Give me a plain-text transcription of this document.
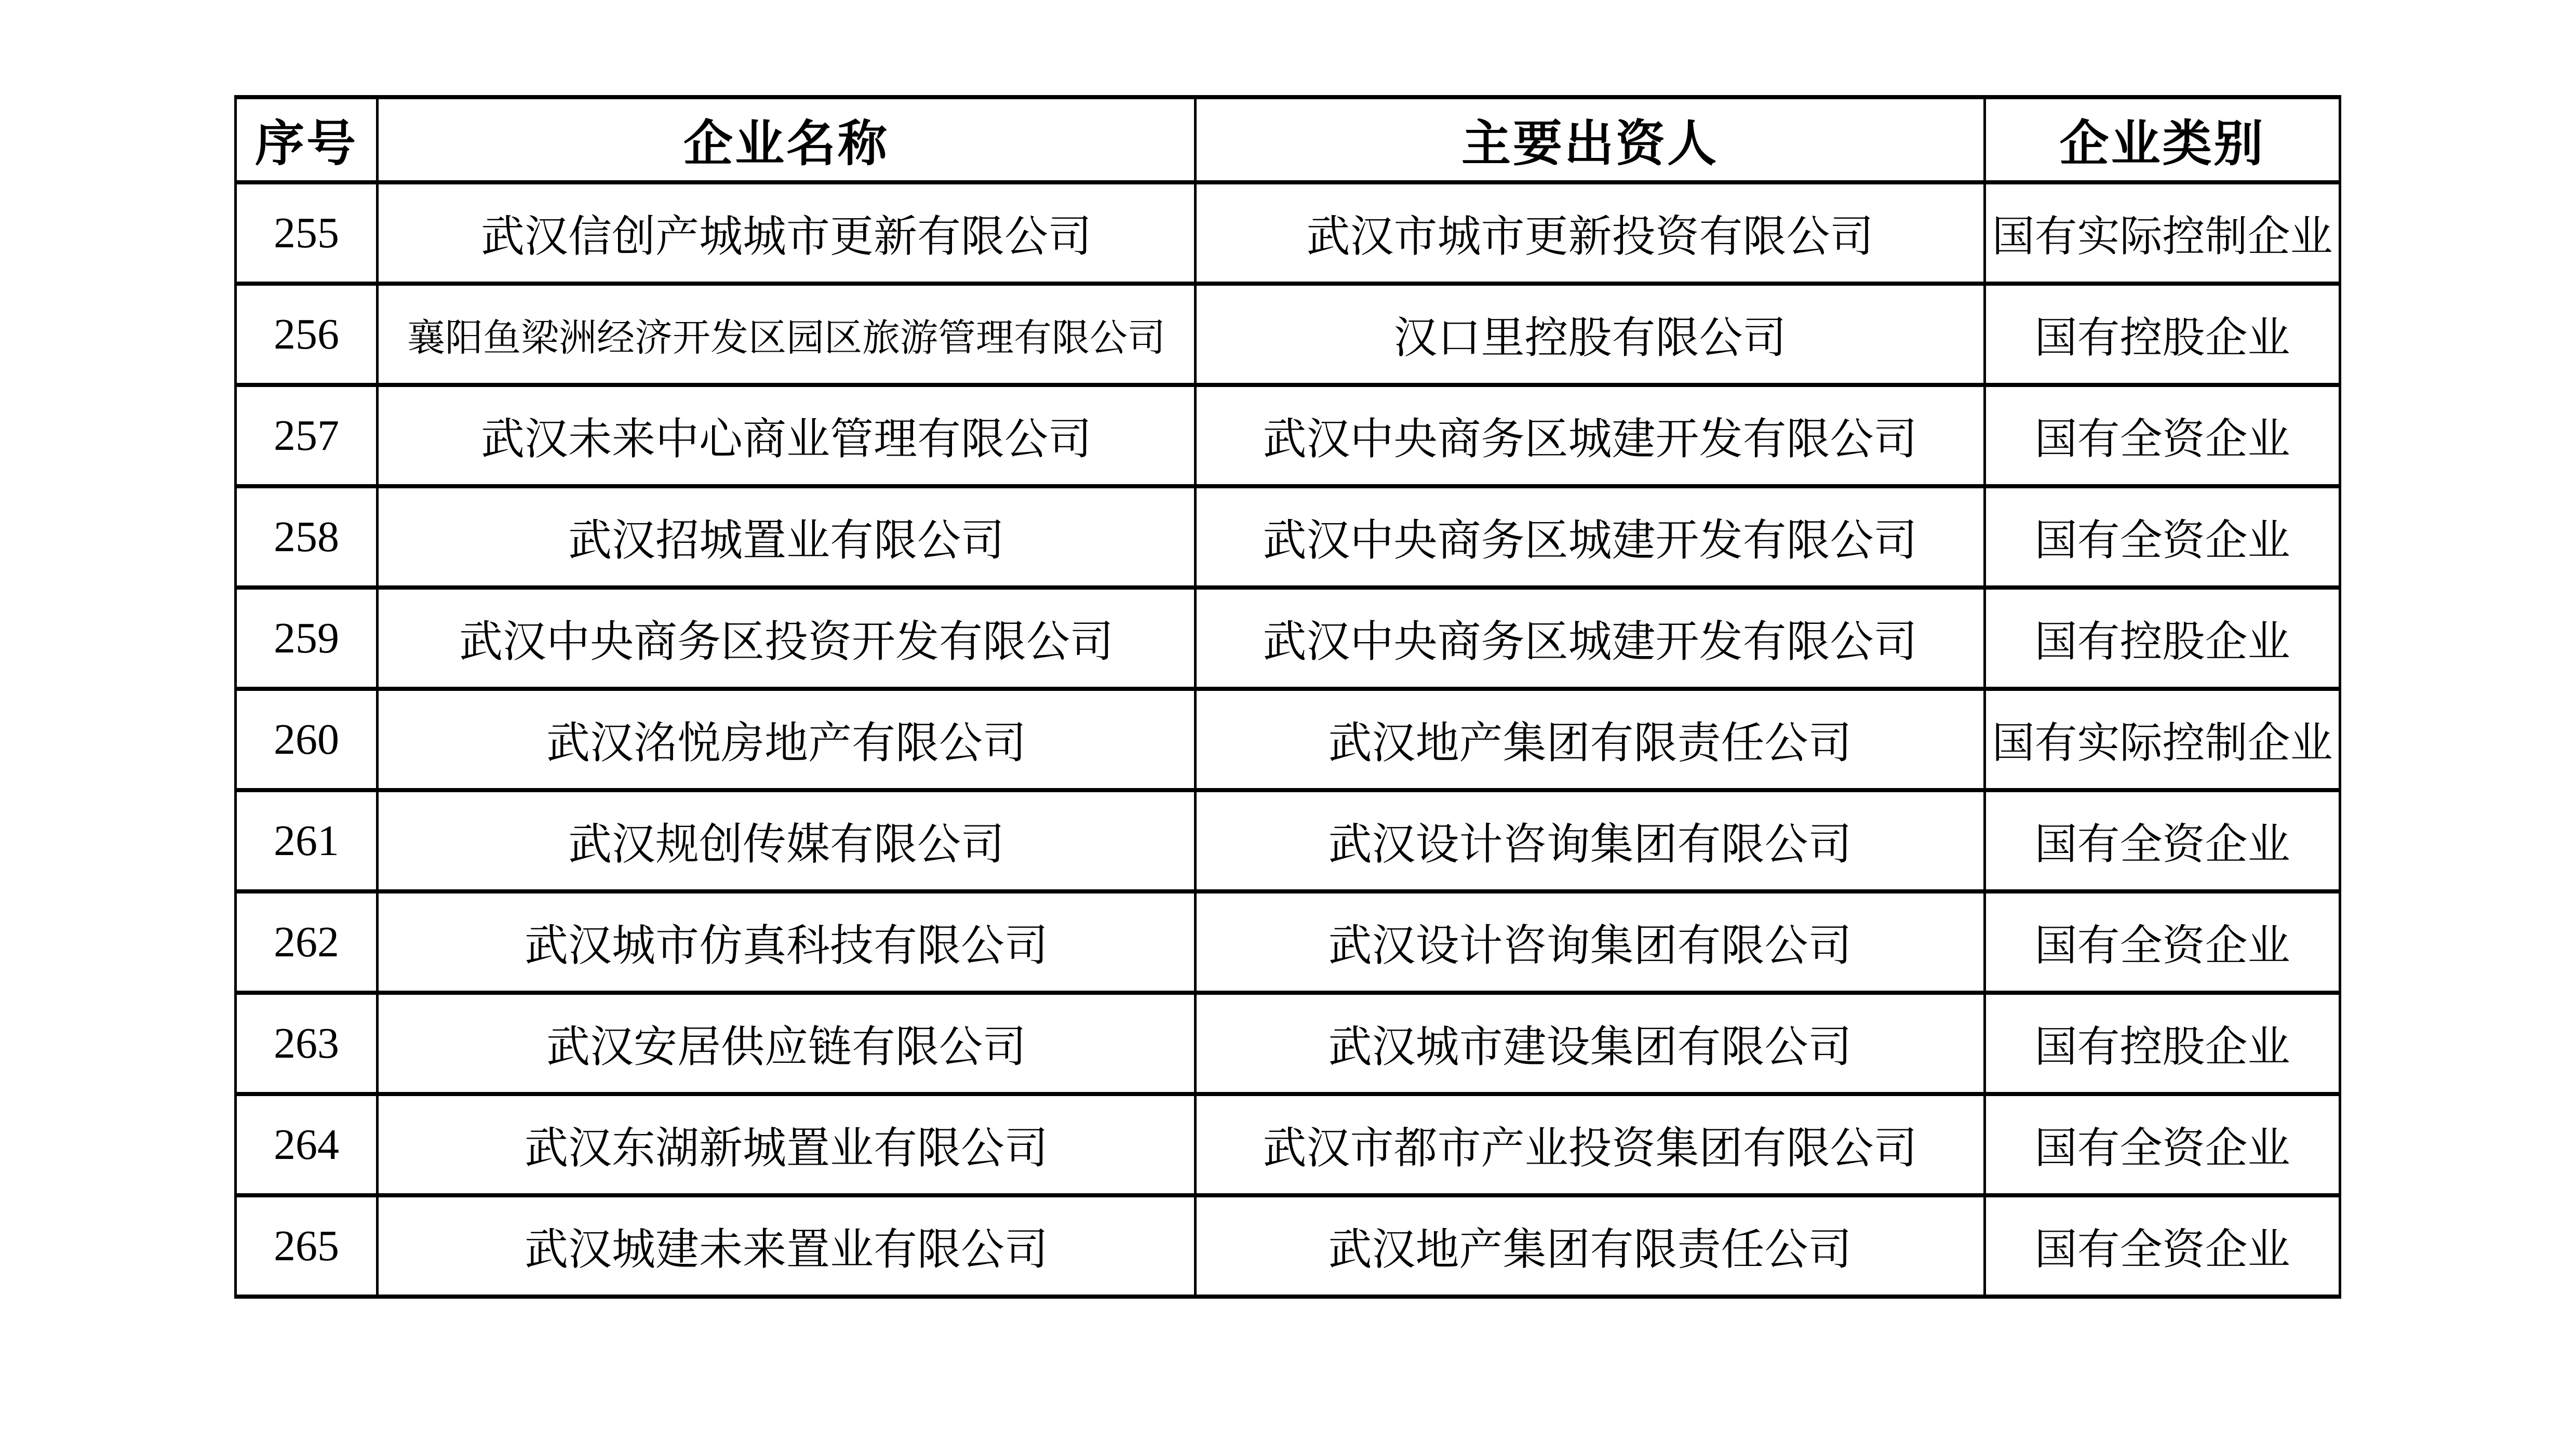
序号	企业名称	主要出资人	企业类别
255	武汉信创产城城市更新有限公司	武汉市城市更新投资有限公司	国有实际控制企业
256	襄阳鱼梁洲经济开发区园区旅游管理有限公司	汉口里控股有限公司	国有控股企业
257	武汉未来中心商业管理有限公司	武汉中央商务区城建开发有限公司	国有全资企业
258	武汉招城置业有限公司	武汉中央商务区城建开发有限公司	国有全资企业
259	武汉中央商务区投资开发有限公司	武汉中央商务区城建开发有限公司	国有控股企业
260	武汉洺悦房地产有限公司	武汉地产集团有限责任公司	国有实际控制企业
261	武汉规创传媒有限公司	武汉设计咨询集团有限公司	国有全资企业
262	武汉城市仿真科技有限公司	武汉设计咨询集团有限公司	国有全资企业
263	武汉安居供应链有限公司	武汉城市建设集团有限公司	国有控股企业
264	武汉东湖新城置业有限公司	武汉市都市产业投资集团有限公司	国有全资企业
265	武汉城建未来置业有限公司	武汉地产集团有限责任公司	国有全资企业
